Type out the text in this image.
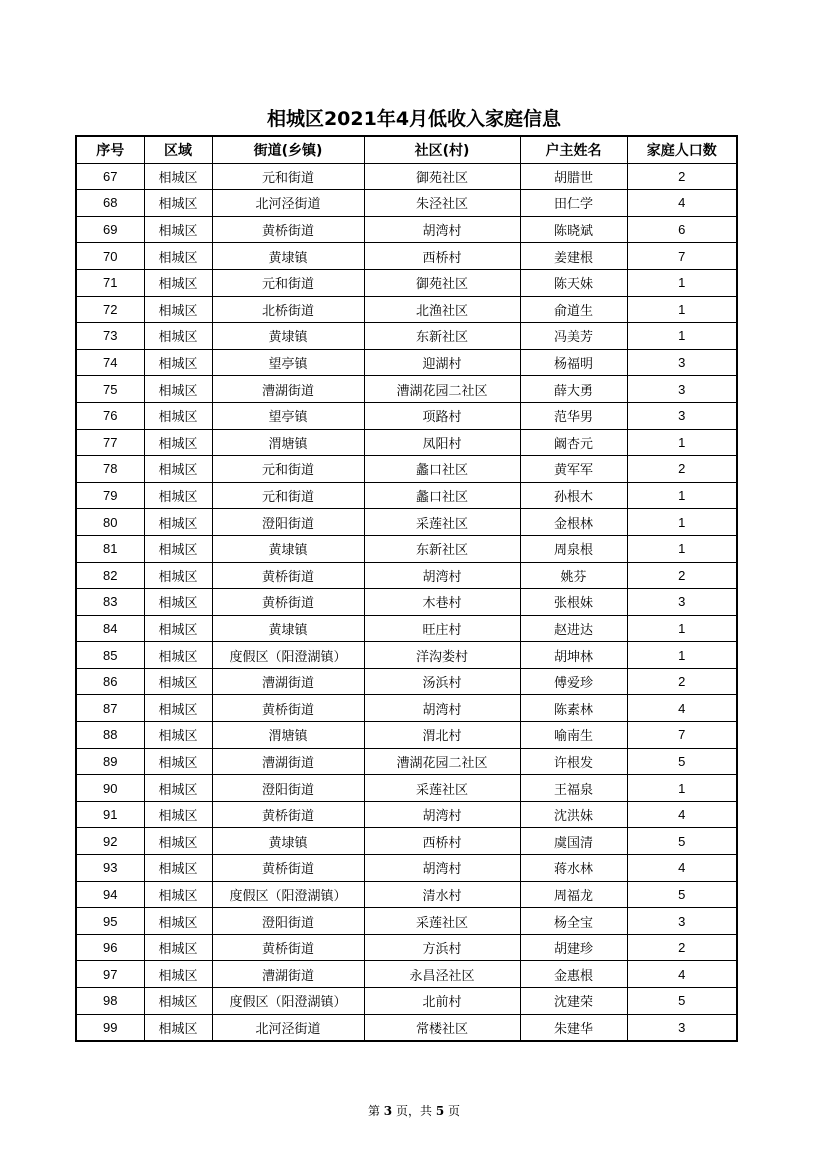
相城区2021年4月低收入家庭信息
序号	区域	街道(乡镇)	社区(村)	户主姓名	家庭人口数
67	相城区	元和街道	御苑社区	胡腊世	2
68	相城区	北河泾街道	朱泾社区	田仁学	4
69	相城区	黄桥街道	胡湾村	陈晓斌	6
70	相城区	黄埭镇	西桥村	姜建根	7
71	相城区	元和街道	御苑社区	陈天妹	1
72	相城区	北桥街道	北渔社区	俞道生	1
73	相城区	黄埭镇	东新社区	冯美芳	1
74	相城区	望亭镇	迎湖村	杨福明	3
75	相城区	漕湖街道	漕湖花园二社区	薛大勇	3
76	相城区	望亭镇	项路村	范华男	3
77	相城区	渭塘镇	凤阳村	阚杏元	1
78	相城区	元和街道	蠡口社区	黄军军	2
79	相城区	元和街道	蠡口社区	孙根木	1
80	相城区	澄阳街道	采莲社区	金根林	1
81	相城区	黄埭镇	东新社区	周泉根	1
82	相城区	黄桥街道	胡湾村	姚芬	2
83	相城区	黄桥街道	木巷村	张根妹	3
84	相城区	黄埭镇	旺庄村	赵进达	1
85	相城区	度假区（阳澄湖镇）	洋沟娄村	胡坤林	1
86	相城区	漕湖街道	汤浜村	傅爱珍	2
87	相城区	黄桥街道	胡湾村	陈素林	4
88	相城区	渭塘镇	渭北村	喻南生	7
89	相城区	漕湖街道	漕湖花园二社区	许根发	5
90	相城区	澄阳街道	采莲社区	王福泉	1
91	相城区	黄桥街道	胡湾村	沈洪妹	4
92	相城区	黄埭镇	西桥村	虞国清	5
93	相城区	黄桥街道	胡湾村	蒋水林	4
94	相城区	度假区（阳澄湖镇）	清水村	周福龙	5
95	相城区	澄阳街道	采莲社区	杨全宝	3
96	相城区	黄桥街道	方浜村	胡建珍	2
97	相城区	漕湖街道	永昌泾社区	金惠根	4
98	相城区	度假区（阳澄湖镇）	北前村	沈建荣	5
99	相城区	北河泾街道	常楼社区	朱建华	3
第 3 页，共 5 页
